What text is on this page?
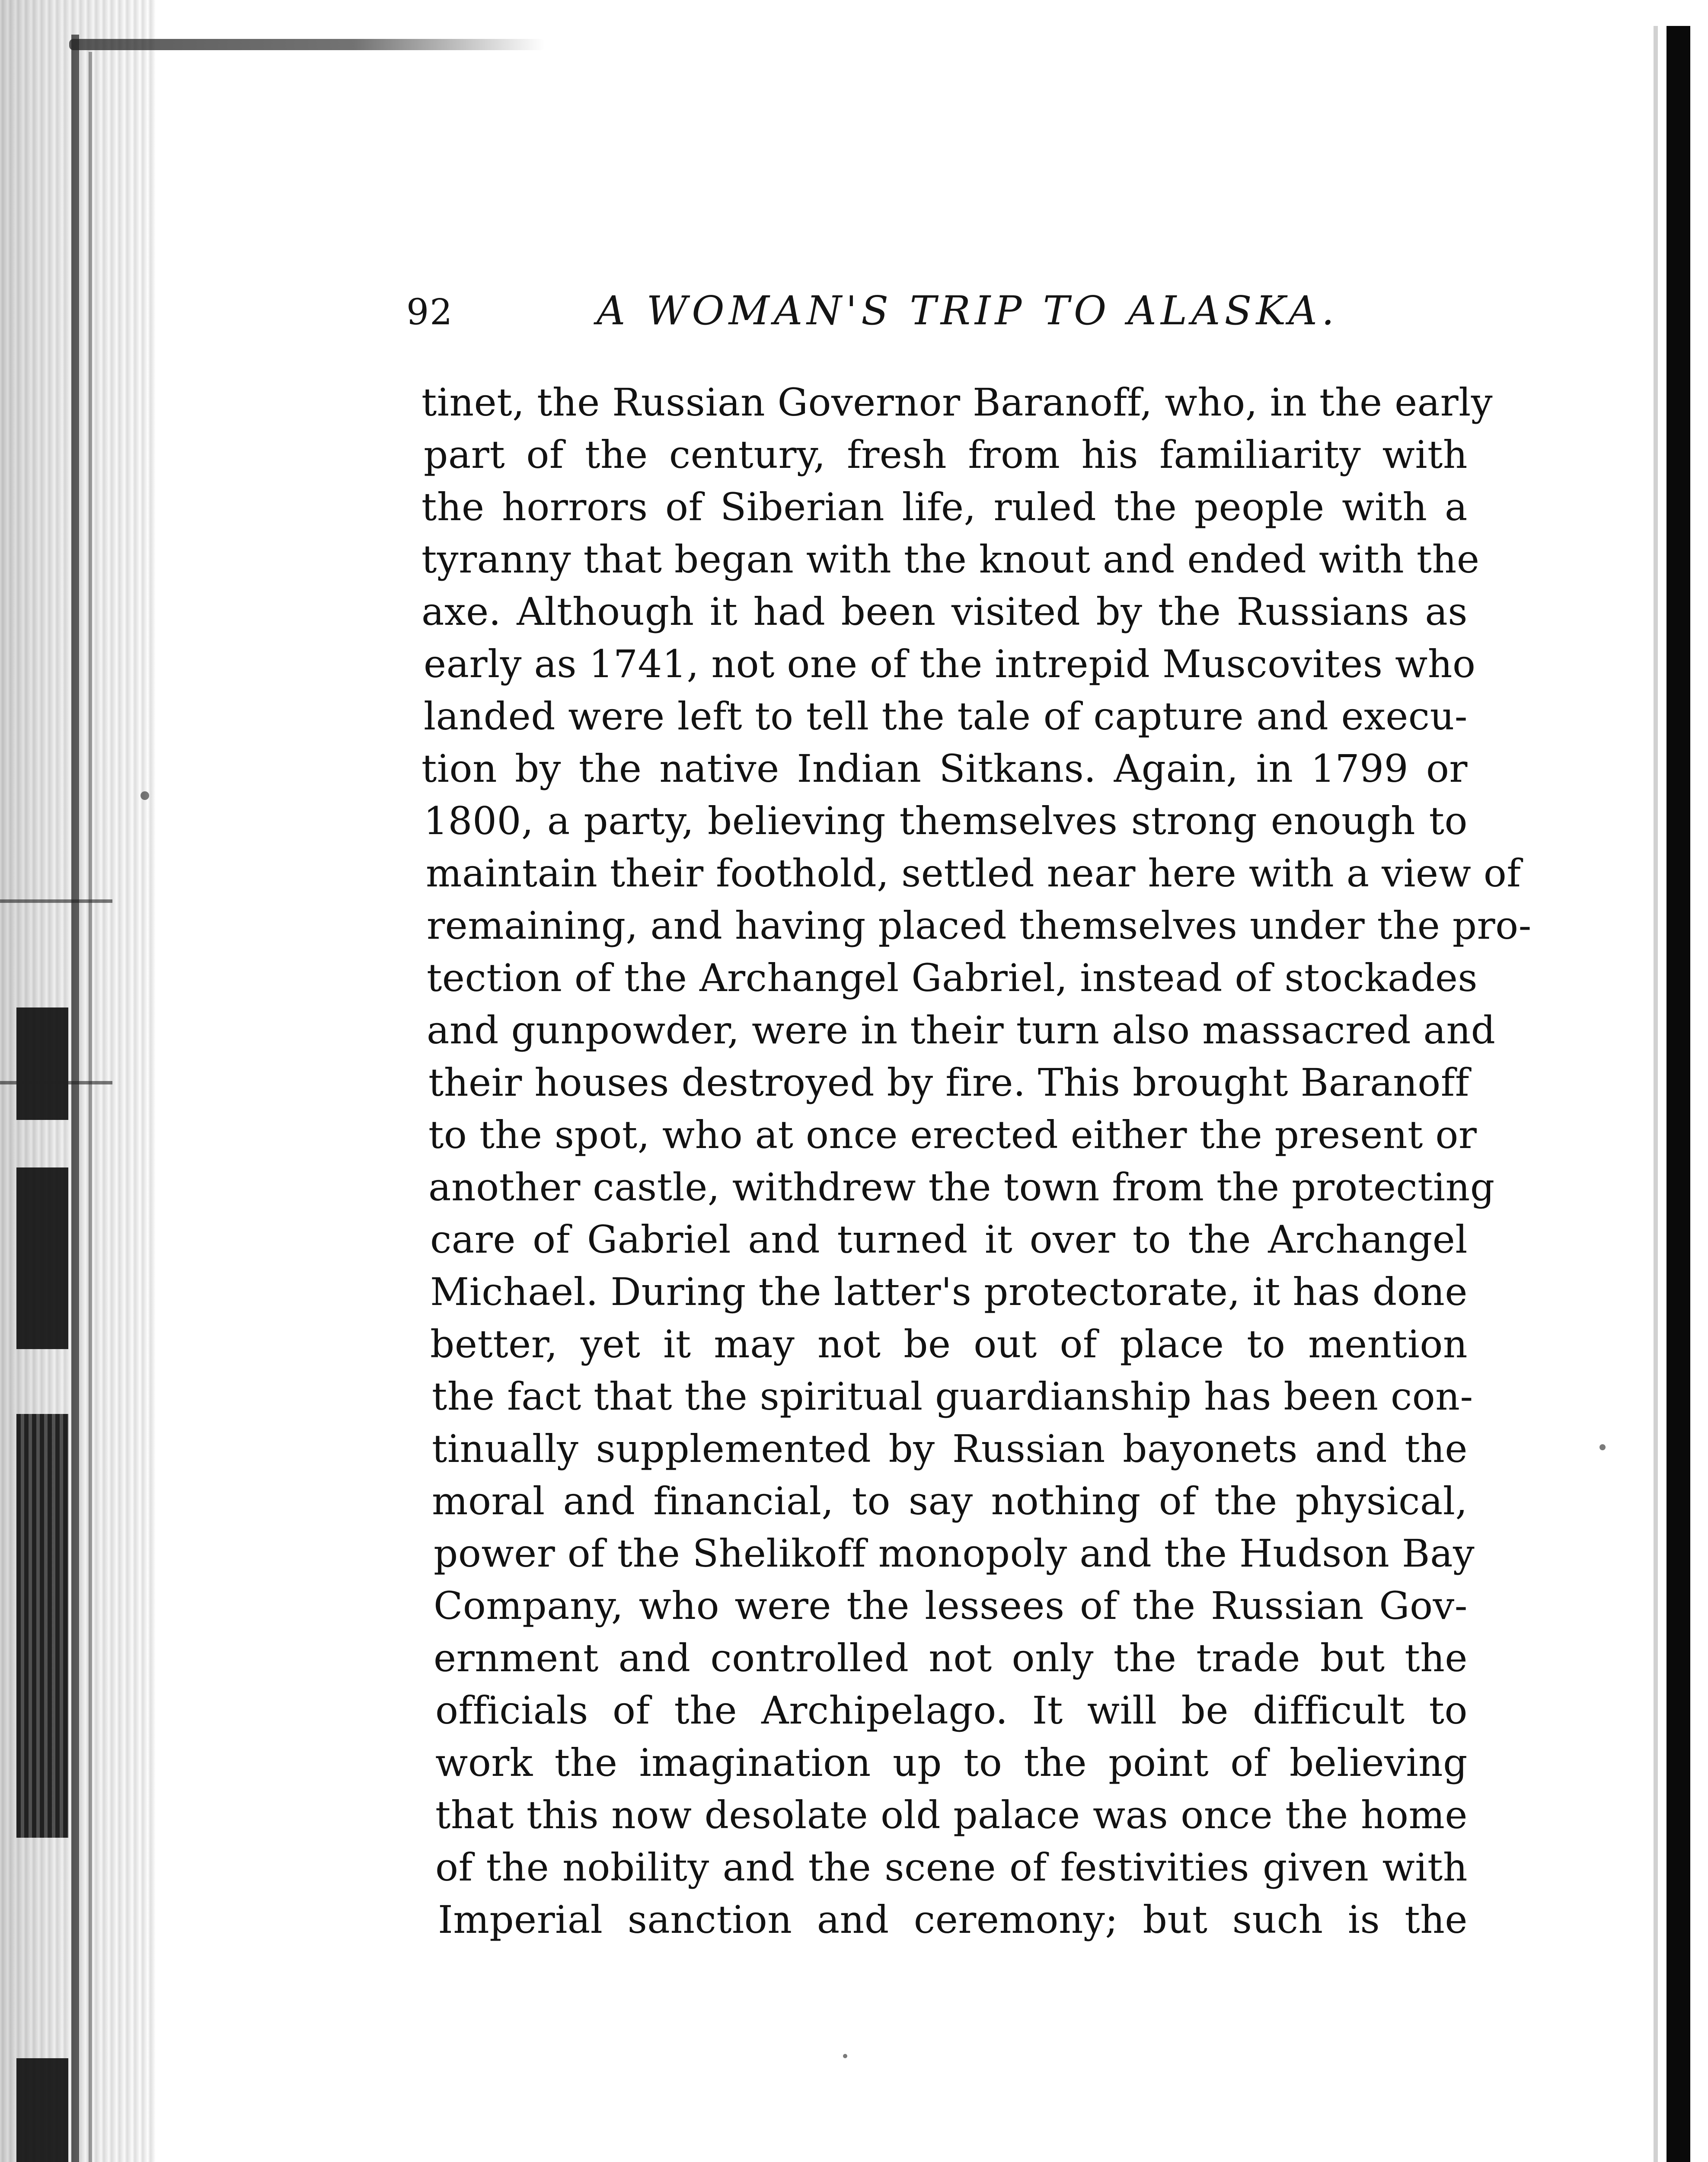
92	A WOMAN'S TRIP TO ALASKA.
tinet, the Russian Governor Baranoff, who, in the early
part of the century, fresh from his familiarity with
the horrors of Siberian life, ruled the people with a
tyranny that began with the knout and ended with the
axe. Although it had been visited by the Russians as
early as 1741, not one of the intrepid Muscovites who
landed were left to tell the tale of capture and execu-
tion by the native Indian Sitkans. Again, in 1799 or
1800, a party, believing themselves strong enough to
maintain their foothold, settled near here with a view of
remaining, and having placed themselves under the pro-
tection of the Archangel Gabriel, instead of stockades
and gunpowder, were in their turn also massacred and
their houses destroyed by fire. This brought Baranoff
to the spot, who at once erected either the present or
another castle, withdrew the town from the protecting
care of Gabriel and turned it over to the Archangel
Michael. During the latter's protectorate, it has done
better, yet it may not be out of place to mention
the fact that the spiritual guardianship has been con-
tinually supplemented by Russian bayonets and the
moral and financial, to say nothing of the physical,
power of the Shelikoff monopoly and the Hudson Bay
Company, who were the lessees of the Russian Gov-
ernment and controlled not only the trade but the
officials of the Archipelago. It will be difficult to
work the imagination up to the point of believing
that this now desolate old palace was once the home
of the nobility and the scene of festivities given with
Imperial sanction and ceremony; but such is the
